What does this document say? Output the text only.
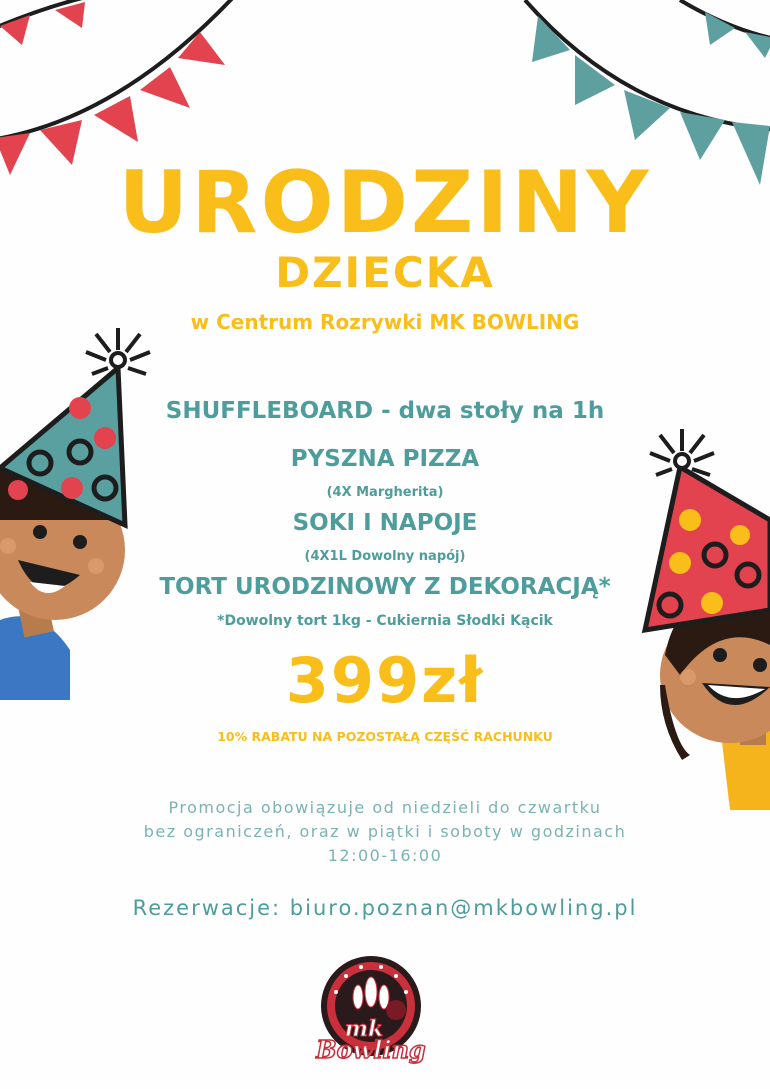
URODZINY
DZIECKA
w Centrum Rozrywki MK BOWLING
SHUFFLEBOARD - dwa stoły na 1h
PYSZNA PIZZA
(4X Margherita)
SOKI I NAPOJE
(4X1L Dowolny napój)
TORT URODZINOWY Z DEKORACJĄ*
*Dowolny tort 1kg - Cukiernia Słodki Kącik
399zł
10% RABATU NA POZOSTAŁĄ CZĘŚĆ RACHUNKU
Promocja obowiązuje od niedzieli do czwartku
bez ograniczeń, oraz w piątki i soboty w godzinach
12:00-16:00
Rezerwacje: biuro.poznan@mkbowling.pl
mk
Bowling
